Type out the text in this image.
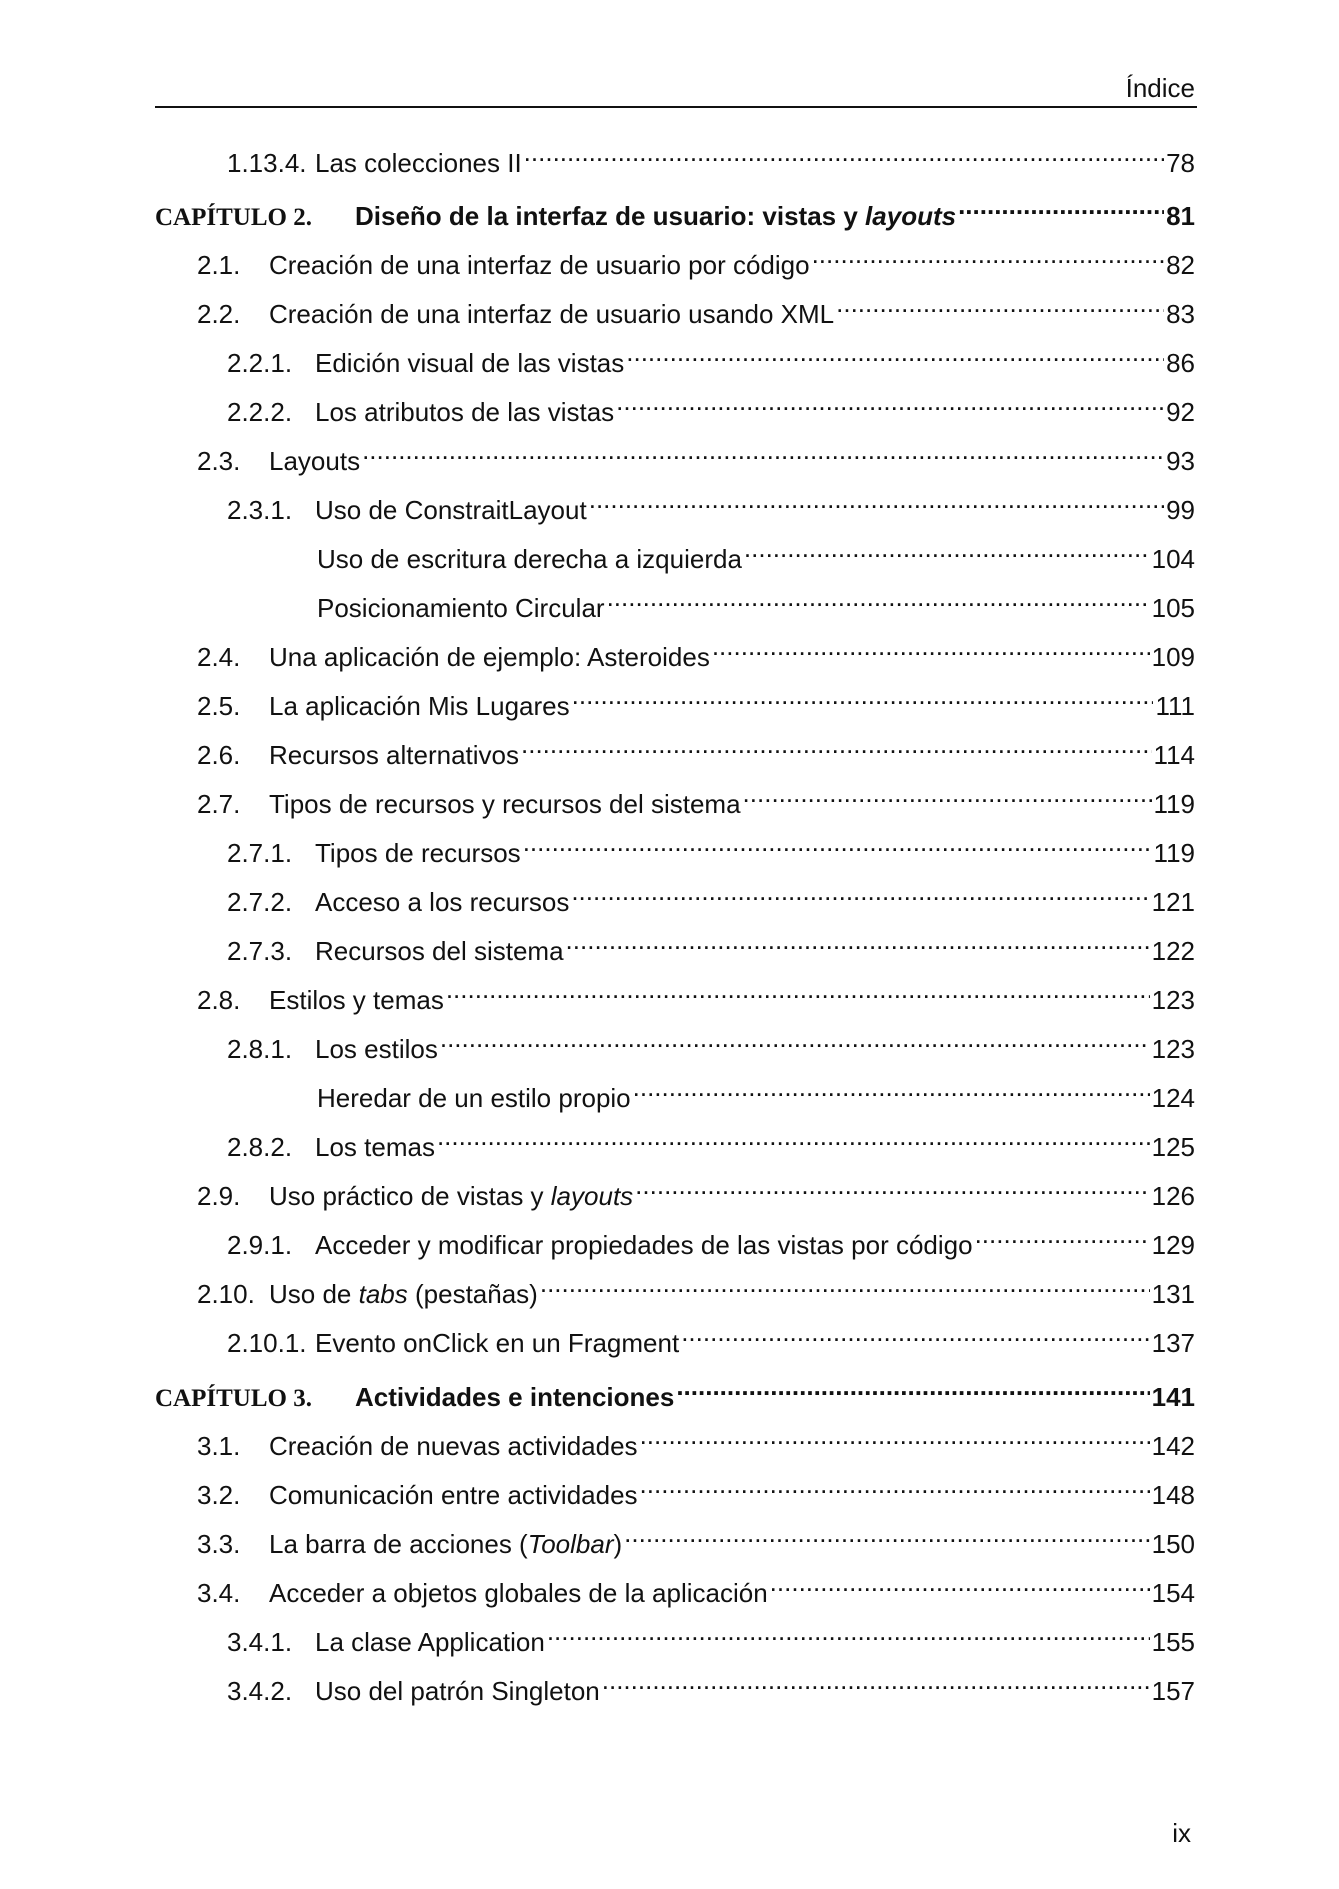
Índice
1.13.4. Las colecciones II .....	78
CAPÍTULO 2.	Diseño de la interfaz de usuario: vistas y layouts .....	81
2.1.	Creación de una interfaz de usuario por código .....	82
2.2.	Creación de una interfaz de usuario usando XML .....	83
2.2.1. Edición visual de las vistas .....	86
2.2.2. Los atributos de las vistas .....	92
2.3.	Layouts .....	93
2.3.1. Uso de ConstraitLayout .....	99
Uso de escritura derecha a izquierda .....	104
Posicionamiento Circular .....	105
2.4.	Una aplicación de ejemplo: Asteroides .....	109
2.5.	La aplicación Mis Lugares .....	111
2.6.	Recursos alternativos .....	114
2.7.	Tipos de recursos y recursos del sistema .....	119
2.7.1. Tipos de recursos .....	119
2.7.2. Acceso a los recursos .....	121
2.7.3. Recursos del sistema .....	122
2.8.	Estilos y temas .....	123
2.8.1. Los estilos .....	123
Heredar de un estilo propio .....	124
2.8.2. Los temas .....	125
2.9.	Uso práctico de vistas y layouts .....	126
2.9.1. Acceder y modificar propiedades de las vistas por código .....	129
2.10. Uso de tabs (pestañas) .....	131
2.10.1. Evento onClick en un Fragment .....	137
CAPÍTULO 3.	Actividades e intenciones .....	141
3.1.	Creación de nuevas actividades .....	142
3.2.	Comunicación entre actividades .....	148
3.3.	La barra de acciones (Toolbar) .....	150
3.4.	Acceder a objetos globales de la aplicación .....	154
3.4.1. La clase Application .....	155
3.4.2. Uso del patrón Singleton .....	157
ix
